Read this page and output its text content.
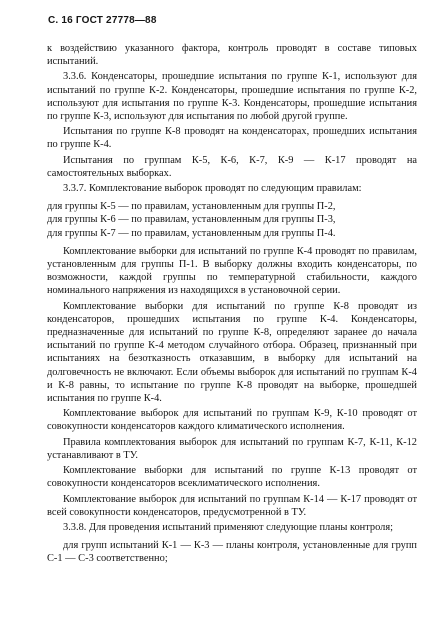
С. 16 ГОСТ 27778—88

к воздействию указанного фактора, контроль проводят в составе типовых испытаний.

3.3.6. Конденсаторы, прошедшие испытания по группе К-1, используют для испытаний по группе К-2. Конденсаторы, прошедшие испытания по группе К-2, используют для испытания по группе К-3. Конденсаторы, прошедшие испытания по группе К-3, используют для испытания по любой другой группе.

Испытания по группе К-8 проводят на конденсаторах, прошедших испытания по группе К-4.

Испытания по группам К-5, К-6, К-7, К-9 — К-17 проводят на самостоятельных выборках.

3.3.7. Комплектование выборок проводят по следующим правилам:

для группы К-5 — по правилам, установленным для группы П-2,

для группы К-6 — по правилам, установленным для группы П-3,

для группы К-7 — по правилам, установленным для группы П-4.

Комплектование выборки для испытаний по группе К-4 проводят по правилам, установленным для группы П-1. В выборку должны входить конденсаторы, по возможности, каждой группы по температурной стабильности, каждого номинального напряжения из находящихся в установочной серии.

Комплектование выборки для испытаний по группе К-8 проводят из конденсаторов, прошедших испытания по группе К-4. Конденсаторы, предназначенные для испытаний по группе К-8, определяют заранее до начала испытаний по группе К-4 методом случайного отбора. Образец, признанный при испытаниях на безотказность отказавшим, в выборку для испытаний на долговечность не включают. Если объемы выборок для испытаний по группам К-4 и К-8 равны, то испытание по группе К-8 проводят на выборке, прошедшей испытания по группе К-4.

Комплектование выборок для испытаний по группам К-9, К-10 проводят от совокупности конденсаторов каждого климатического исполнения.

Правила комплектования выборок для испытаний по группам К-7, К-11, К-12 устанавливают в ТУ.

Комплектование выборки для испытаний по группе К-13 проводят от совокупности конденсаторов всеклиматического исполнения.

Комплектование выборок для испытаний по группам К-14 — К-17 проводят от всей совокупности конденсаторов, предусмотренной в ТУ.

3.3.8. Для проведения испытаний применяют следующие планы контроля;

для групп испытаний К-1 — К-3 — планы контроля, установленные для групп С-1 — С-3 соответственно;
